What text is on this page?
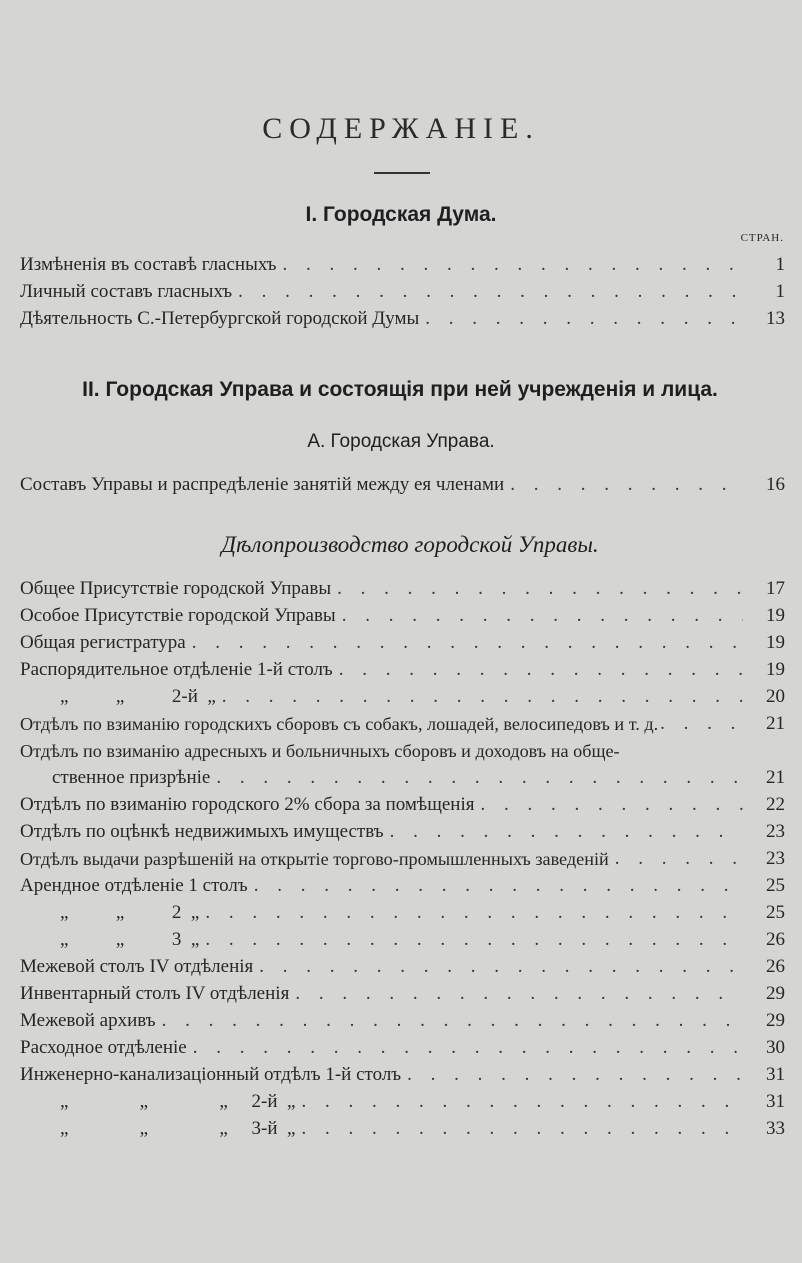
СОДЕРЖАНІЕ.
I. Городская Дума.
СТРАН.
Измѣненія въ составѣ гласныхъ . . .	1
Личный составъ гласныхъ . . .	1
Дѣятельность С.-Петербургской городской Думы . . .	13
II. Городская Управа и состоящія при ней учрежденія и лица.
А. Городская Управа.
Составъ Управы и распредѣленіе занятій между ея членами . . .	16
Дѣлопроизводство городской Управы.
Общее Присутствіе городской Управы . . .	17
Особое Присутствіе городской Управы . . .	19
Общая регистратура . . .	19
Распорядительное отдѣленіе 1-й столъ . . .	19
„          „          2-й  „ . . .	20
Отдѣлъ по взиманію городскихъ сборовъ съ собакъ, лошадей, велосипедовъ и т. д. . . .	21
Отдѣлъ по взиманію адресныхъ и больничныхъ сборовъ и доходовъ на обще-
ственное призрѣніе . . .	21
Отдѣлъ по взиманію городского 2% сбора за помѣщенія . . .	22
Отдѣлъ по оцѣнкѣ недвижимыхъ имуществъ . . .	23
Отдѣлъ выдачи разрѣшеній на открытіе торгово-промышленныхъ заведеній . . .	23
Арендное отдѣленіе 1 столъ . . .	25
„          „          2  „ . . .	25
„          „          3  „ . . .	26
Межевой столъ IV отдѣленія . . .	26
Инвентарный столъ IV отдѣленія . . .	29
Межевой архивъ . . .	29
Расходное отдѣленіе . . .	30
Инженерно-канализаціонный отдѣлъ 1-й столъ . . .	31
„               „               „     2-й  „ . . .	31
„               „               „     3-й  „ . . .	33
